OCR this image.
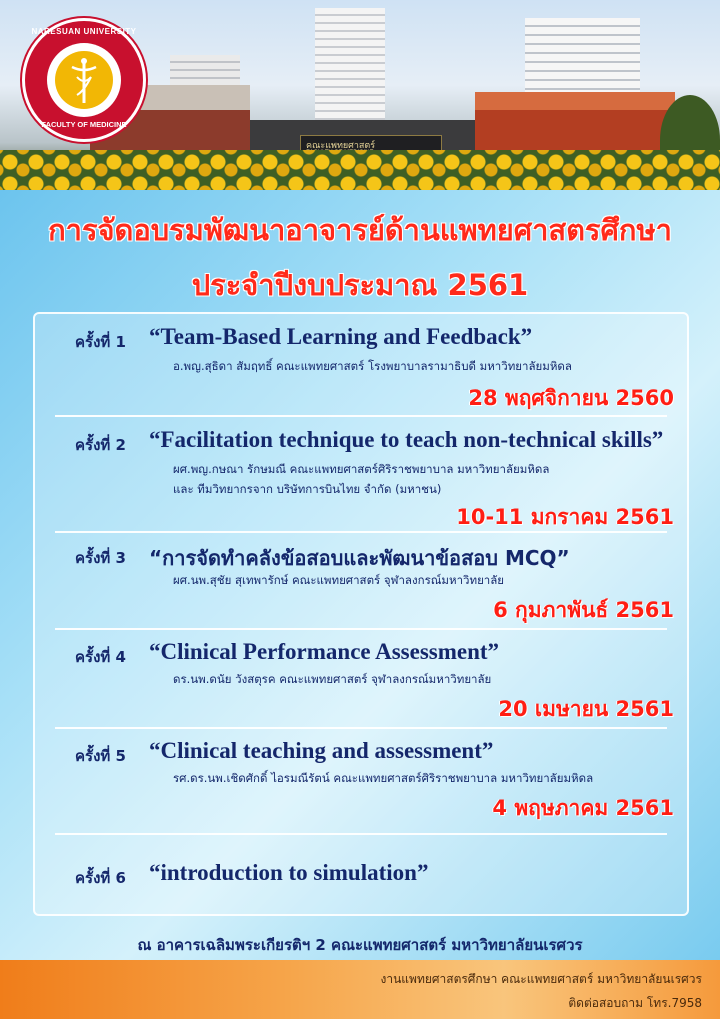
คณะแพทยศาสตร์
NARESUAN UNIVERSITY
FACULTY OF MEDICINE
การจัดอบรมพัฒนาอาจารย์ด้านแพทยศาสตรศึกษา
ประจำปีงบประมาณ 2561
ครั้งที่ 1 “Team-Based Learning and Feedback”
อ.พญ.สุธิดา สัมฤทธิ์ คณะแพทยศาสตร์ โรงพยาบาลรามาธิบดี มหาวิทยาลัยมหิดล
28 พฤศจิกายน 2560
ครั้งที่ 2 “Facilitation technique to teach non-technical skills”
ผศ.พญ.กษณา รักษมณี คณะแพทยศาสตร์ศิริราชพยาบาล มหาวิทยาลัยมหิดล
และ ทีมวิทยากรจาก บริษัทการบินไทย จำกัด (มหาชน)
10-11 มกราคม 2561
ครั้งที่ 3 “การจัดทำคลังข้อสอบและพัฒนาข้อสอบ MCQ”
ผศ.นพ.สุชัย สุเทพารักษ์ คณะแพทยศาสตร์ จุฬาลงกรณ์มหาวิทยาลัย
6 กุมภาพันธ์ 2561
ครั้งที่ 4 “Clinical Performance Assessment”
ดร.นพ.ดนัย วังสตุรค คณะแพทยศาสตร์ จุฬาลงกรณ์มหาวิทยาลัย
20 เมษายน 2561
ครั้งที่ 5 “Clinical teaching and assessment”
รศ.ดร.นพ.เชิดศักดิ์ ไอรมณีรัตน์ คณะแพทยศาสตร์ศิริราชพยาบาล มหาวิทยาลัยมหิดล
4 พฤษภาคม 2561
ครั้งที่ 6 “introduction to simulation”
ณ อาคารเฉลิมพระเกียรติฯ 2 คณะแพทยศาสตร์ มหาวิทยาลัยนเรศวร
งานแพทยศาสตรศึกษา คณะแพทยศาสตร์ มหาวิทยาลัยนเรศวร
ติดต่อสอบถาม โทร.7958
